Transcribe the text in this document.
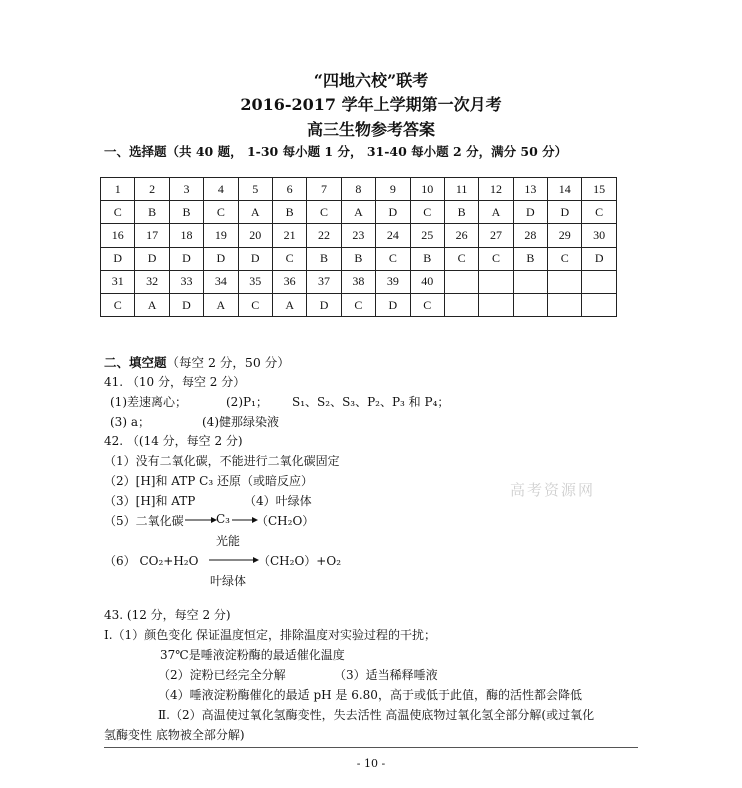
“四地六校”联考
2016-2017 学年上学期第一次月考
高三生物参考答案
一、选择题（共 40 题， 1-30 每小题 1 分， 31-40 每小题 2 分，满分 50 分）
1	2	3	4	5	6	7	8	9	10	11	12	13	14	15
C	B	B	C	A	B	C	A	D	C	B	A	D	D	C
16	17	18	19	20	21	22	23	24	25	26	27	28	29	30
D	D	D	D	D	C	B	B	C	B	C	C	B	C	D
31	32	33	34	35	36	37	38	39	40					
C	A	D	A	C	A	D	C	D	C					
二、填空题（每空 2 分，50 分）
41. （10 分，每空 2 分）
(1)差速离心；	(2)P₁； S₁、S₂、S₃、P₂、P₃ 和 P₄；
(3) a；	(4)健那绿染液
42. （(14 分，每空 2 分)
（1）没有二氧化碳，不能进行二氧化碳固定
（2）[H]和 ATP C₃ 还原（或暗反应）
（3）[H]和 ATP	（4）叶绿体
（5）二氧化碳 → C₃ →
（CH₂O）
光能
（6） CO₂+H₂O → （CH₂O）+O₂
叶绿体
高考资源网
43. (12 分，每空 2 分)
Ⅰ.（1）颜色变化 保证温度恒定，排除温度对实验过程的干扰；
37℃是唾液淀粉酶的最适催化温度
（2）淀粉已经完全分解	（3）适当稀释唾液
（4）唾液淀粉酶催化的最适 pH 是 6.80，高于或低于此值，酶的活性都会降低
Ⅱ.（2）高温使过氧化氢酶变性，失去活性 高温使底物过氧化氢全部分解(或过氧化
氢酶变性 底物被全部分解)
- 10 -
